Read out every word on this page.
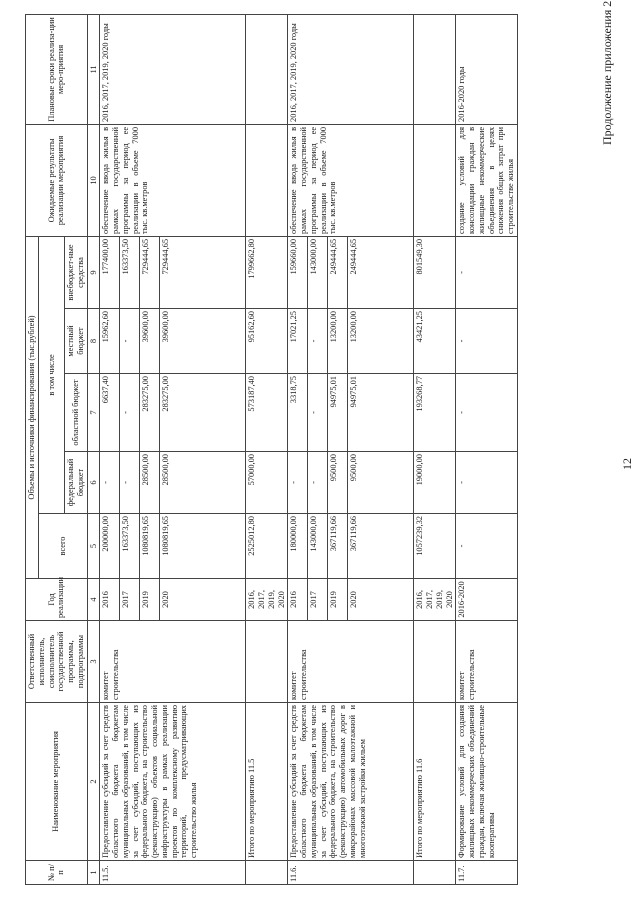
12
Продолжение приложения 2
№ п/п	Наименование мероприятия	Ответственный исполнитель, соисполнитель государственной программы, подпрограммы	Год реализации	Объемы и источники финансирования (тыс.рублей)					Ожидаемые результаты реализации мероприятия	Плановые сроки реализа-ции меро-приятия
				всего	в том числе					
					федеральный бюджет	областной бюджет	местный бюджет	внебюджет-ные средства		
1	2	3	4	5	6	7	8	9	10	11
11.5.	Предоставление субсидий за счет средств областного бюджета бюджетам муниципальных образований, в том числе за счет субсидий, поступающих из федерального бюджета, на строительство (реконструкцию) объектов социальной инфраструктуры в рамках реализации проектов по комплексному развитию территорий, предусматривающих строительство жилья	комитет строительства	2016	200000,00	-	6637,40	15962,60	177400,00	обеспечение ввода жилья в рамках государственной программы за период ее реализации в объеме 7000 тыс. кв.метров	2016, 2017, 2019, 2020 годы
			2017	163373,50	-	-	-	163373,50		
			2019	1080819,65	28500,00	283275,00	39600,00	729444,65		
			2020	1080819,65	28500,00	283275,00	39600,00	729444,65		
	Итого по мероприятию 11.5		2016, 2017, 2019, 2020	2525012,80	57000,00	573187,40	95162,60	1799662,80		
11.6.	Предоставление субсидий за счет средств областного бюджета бюджетам муниципальных образований, в том числе за счет субсидий, поступающих из федерального бюджета, на строительство (реконструкцию) автомобильных дорог в микрорайонах массовой малоэтажной и многоэтажной застройки жильем	комитет строительства	2016	180000,00	-	3318,75	17021,25	159660,00	обеспечение ввода жилья в рамках государственной программы за период ее реализации в объеме 7000 тыс. кв.метров	2016, 2017, 2019, 2020 годы
			2017	143000,00	-	-	-	143000,00		
			2019	367119,66	9500,00	94975,01	13200,00	249444,65		
			2020	367119,66	9500,00	94975,01	13200,00	249444,65		
	Итого по мероприятию 11.6		2016, 2017, 2019, 2020	1057239,32	19000,00	193268,77	43421,25	801549,30		
11.7.	Формирование условий для создания жилищных некоммерческих объединений граждан, включая жилищно-строительные кооперативы	комитет строительства	2016-2020	-	-	-	-	-	создание условий для консолидации граждан в жилищные некоммерческие объединения в целях снижения общих затрат при строительстве жилья	2016-2020 годы
